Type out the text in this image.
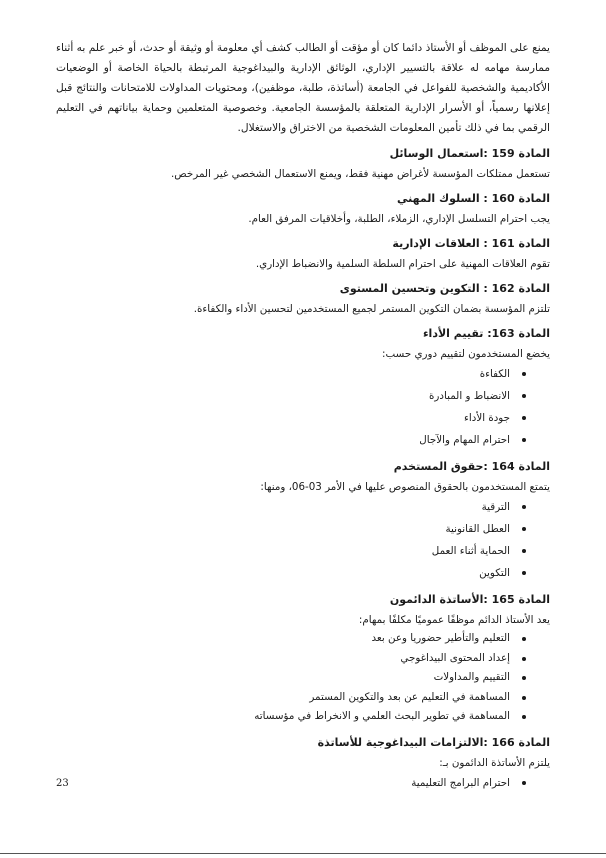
يمنع على الموظف أو الأستاذ دائما كان أو مؤقت أو الطالب كشف أي معلومة أو وثيقة أو حدث، أو خبر علم به أثناء ممارسة مهامه له علاقة بالتسيير الإداري، الوثائق الإدارية والبيداغوجية المرتبطة بالحياة الخاصة أو الوضعيات الأكاديمية والشخصية للفواعل في الجامعة (أساتذة، طلبة، موظفين)، ومحتويات المداولات للامتحانات والنتائج قبل إعلانها رسمياً، أو الأسرار الإدارية المتعلقة بالمؤسسة الجامعية. وخصوصية المتعلمين وحماية بياناتهم في التعليم الرقمي بما في ذلك تأمين المعلومات الشخصية من الاختراق والاستغلال.

المادة 159 :استعمال الوسائل

تستعمل ممتلكات المؤسسة لأغراض مهنية فقط، ويمنع الاستعمال الشخصي غير المرخص.

المادة 160 : السلوك المهني

يجب احترام التسلسل الإداري، الزملاء، الطلبة، وأخلاقيات المرفق العام.

المادة 161 : العلاقات الإدارية

تقوم العلاقات المهنية على احترام السلطة السلمية والانضباط الإداري.

المادة 162 : التكوين وتحسين المستوى

تلتزم المؤسسة بضمان التكوين المستمر لجميع المستخدمين لتحسين الأداء والكفاءة.

المادة 163: تقييم الأداء

يخضع المستخدمون لتقييم دوري حسب:

الكفاءة
الانضباط و المبادرة
جودة الأداء
احترام المهام والآجال
المادة 164 :حقوق المستخدم

يتمتع المستخدمون بالحقوق المنصوص عليها في الأمر 03-06، ومنها:

الترقية
العطل القانونية
الحماية أثناء العمل
التكوين
المادة 165 :الأساتذة الدائمون

يعد الأستاذ الدائم موظفًا عموميًا مكلفًا بمهام:

التعليم والتأطير حضوريا وعن بعد
إعداد المحتوى البيداغوجي
التقييم والمداولات
المساهمة في التعليم عن بعد والتكوين المستمر
المساهمة في تطوير البحث العلمي و الانخراط في مؤسساته
المادة 166 :الالتزامات البيداغوجية للأساتذة

يلتزم الأساتذة الدائمون بـ:

احترام البرامج التعليمية
23
